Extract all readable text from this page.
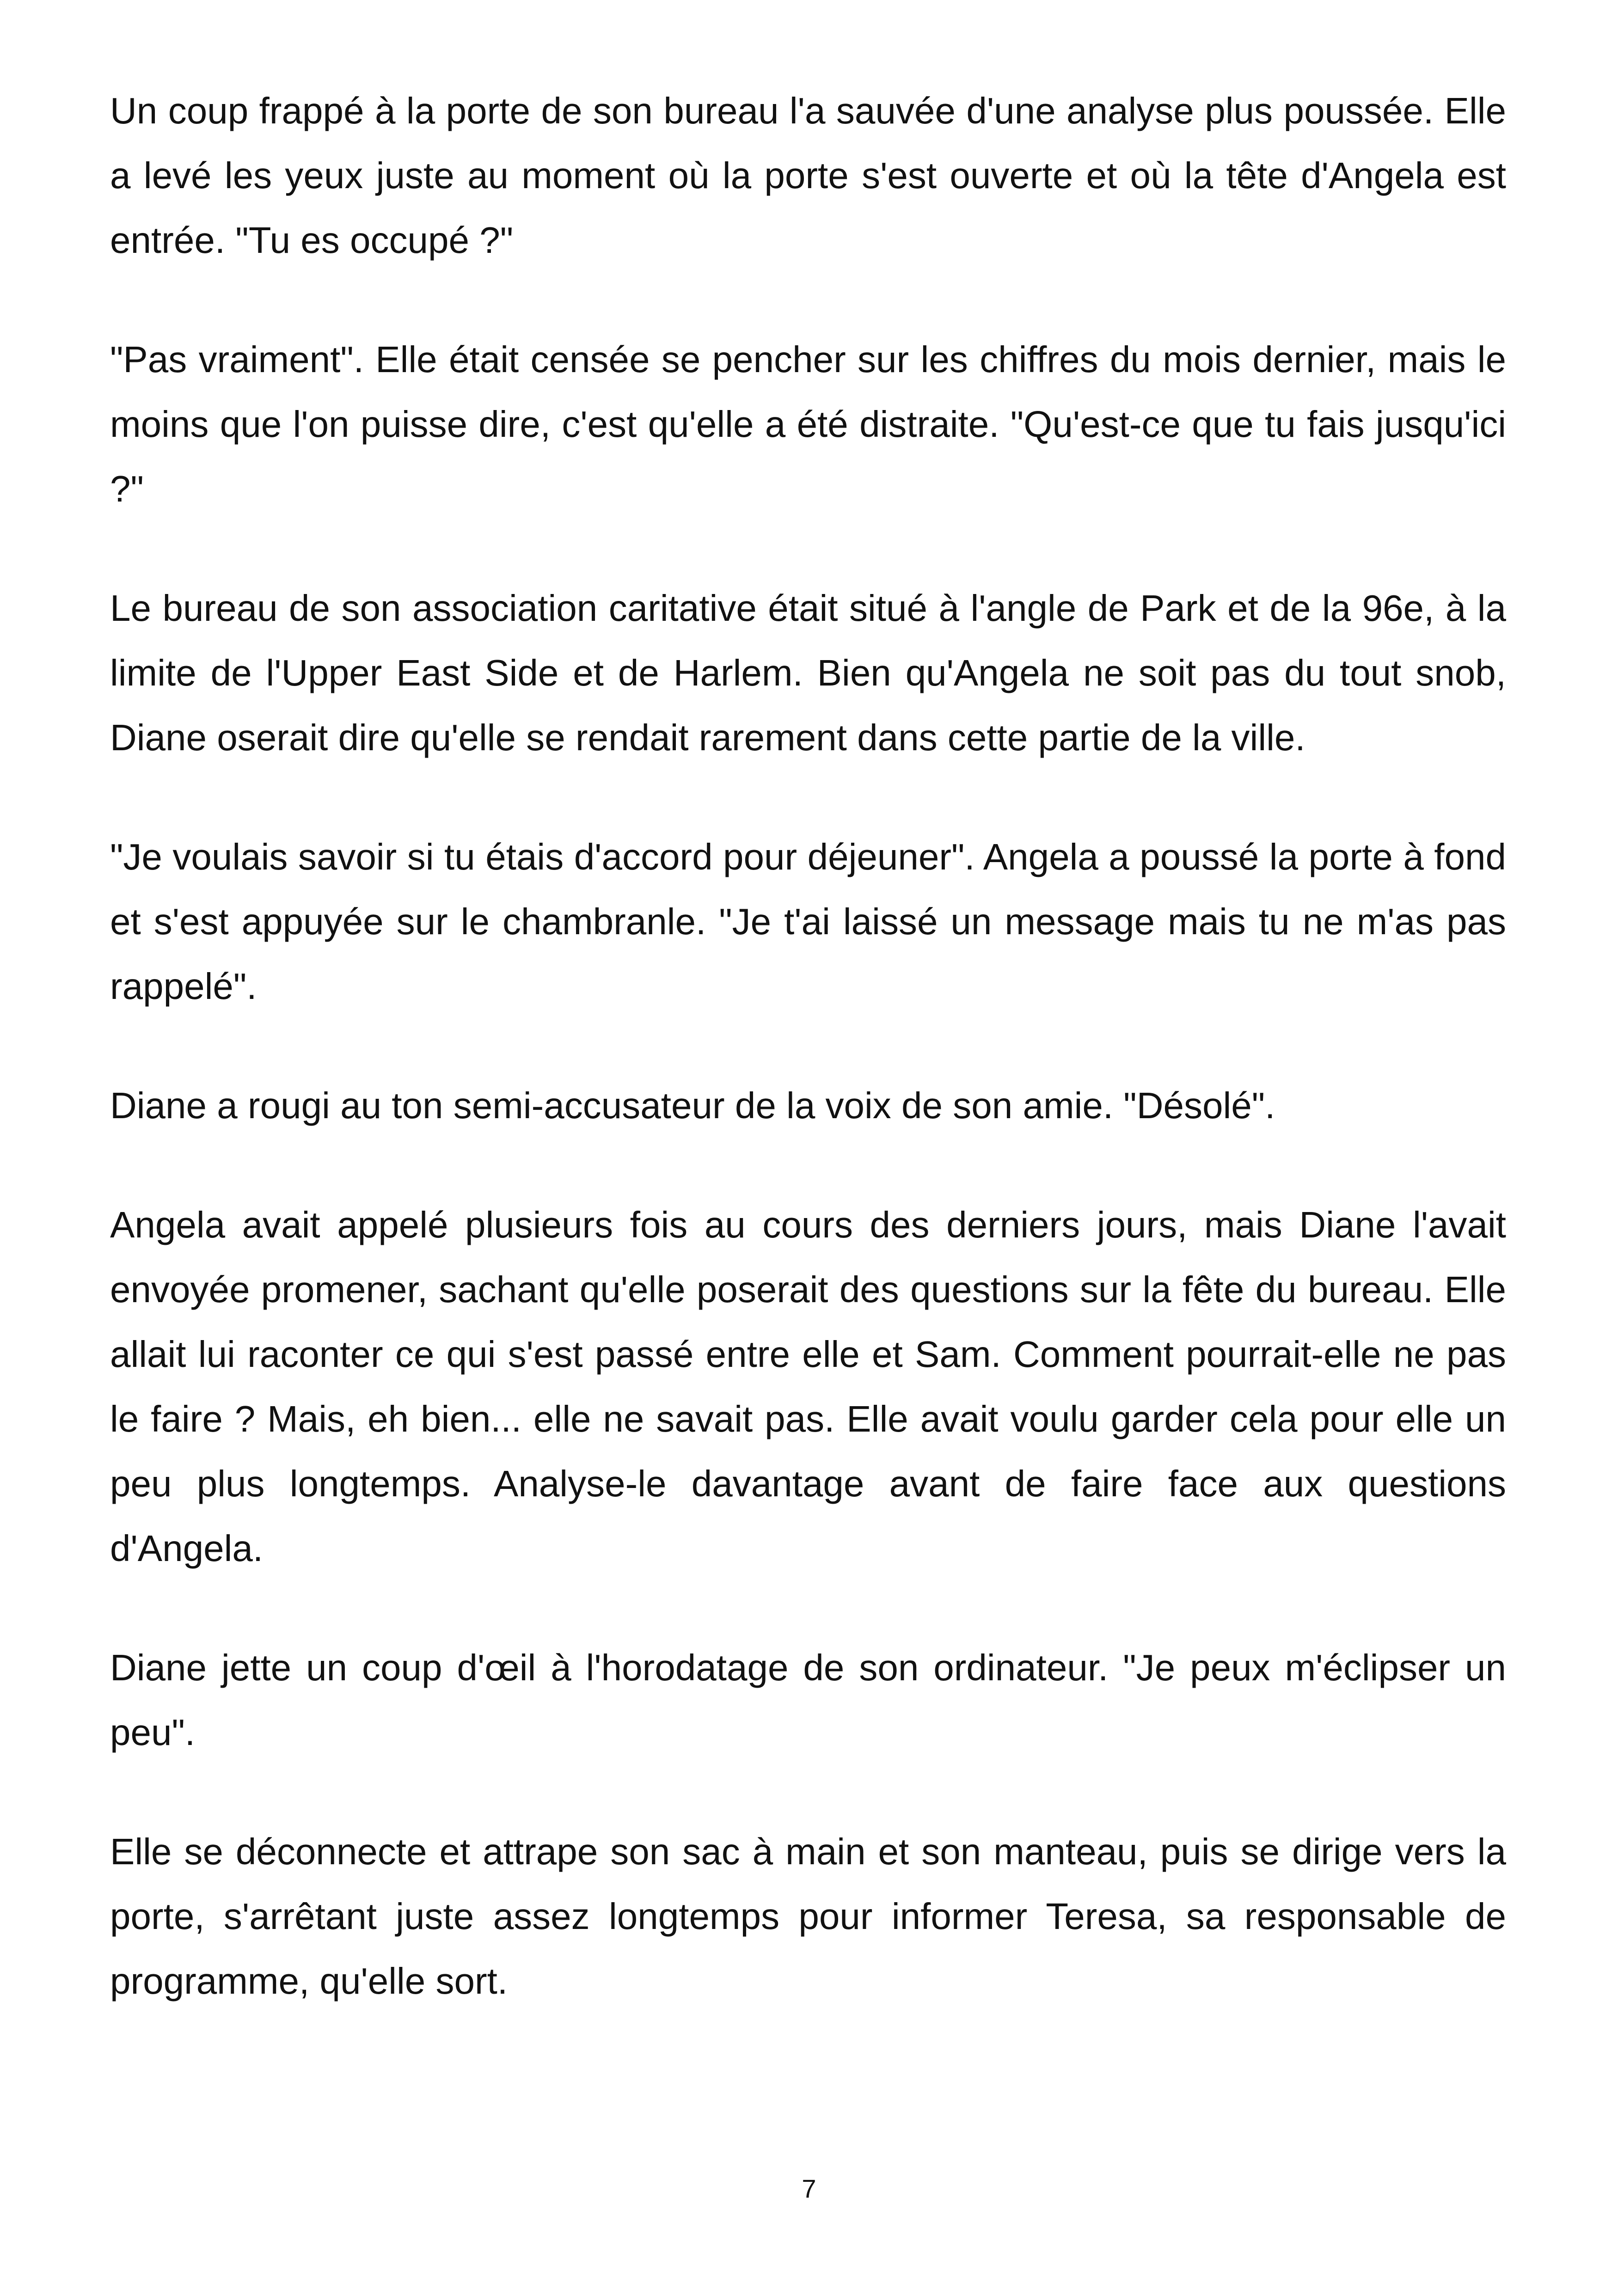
Un coup frappé à la porte de son bureau l'a sauvée d'une analyse plus poussée. Elle a levé les yeux juste au moment où la porte s'est ouverte et où la tête d'Angela est entrée. "Tu es occupé ?"

"Pas vraiment". Elle était censée se pencher sur les chiffres du mois dernier, mais le moins que l'on puisse dire, c'est qu'elle a été distraite. "Qu'est-ce que tu fais jusqu'ici ?"

Le bureau de son association caritative était situé à l'angle de Park et de la 96e, à la limite de l'Upper East Side et de Harlem. Bien qu'Angela ne soit pas du tout snob, Diane oserait dire qu'elle se rendait rarement dans cette partie de la ville.

"Je voulais savoir si tu étais d'accord pour déjeuner". Angela a poussé la porte à fond et s'est appuyée sur le chambranle. "Je t'ai laissé un message mais tu ne m'as pas rappelé".

Diane a rougi au ton semi-accusateur de la voix de son amie. "Désolé".

Angela avait appelé plusieurs fois au cours des derniers jours, mais Diane l'avait envoyée promener, sachant qu'elle poserait des questions sur la fête du bureau. Elle allait lui raconter ce qui s'est passé entre elle et Sam. Comment pourrait-elle ne pas le faire ? Mais, eh bien... elle ne savait pas. Elle avait voulu garder cela pour elle un peu plus longtemps. Analyse-le davantage avant de faire face aux questions d'Angela.

Diane jette un coup d'œil à l'horodatage de son ordinateur. "Je peux m'éclipser un peu".

Elle se déconnecte et attrape son sac à main et son manteau, puis se dirige vers la porte, s'arrêtant juste assez longtemps pour informer Teresa, sa responsable de programme, qu'elle sort.

7
